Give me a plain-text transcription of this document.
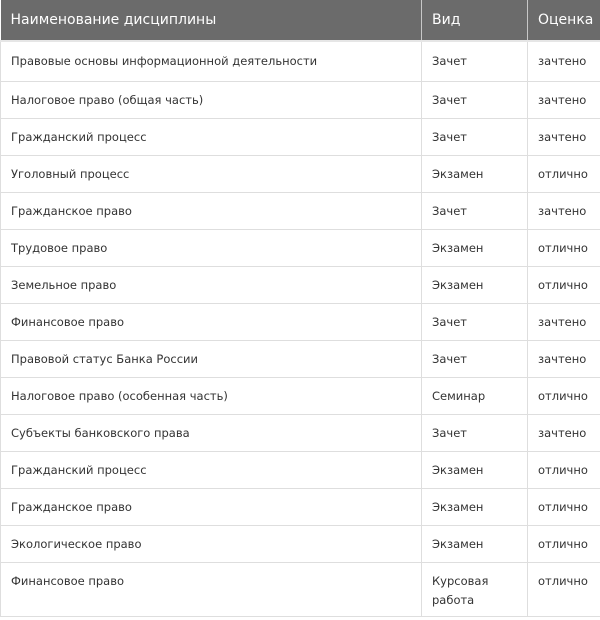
Наименование дисциплины	Вид	Оценка
Правовые основы информационной деятельности	Зачет	зачтено
Налоговое право (общая часть)	Зачет	зачтено
Гражданский процесс	Зачет	зачтено
Уголовный процесс	Экзамен	отлично
Гражданское право	Зачет	зачтено
Трудовое право	Экзамен	отлично
Земельное право	Экзамен	отлично
Финансовое право	Зачет	зачтено
Правовой статус Банка России	Зачет	зачтено
Налоговое право (особенная часть)	Семинар	отлично
Субъекты банковского права	Зачет	зачтено
Гражданский процесс	Экзамен	отлично
Гражданское право	Экзамен	отлично
Экологическое право	Экзамен	отлично
Финансовое право	Курсовая работа	отлично
